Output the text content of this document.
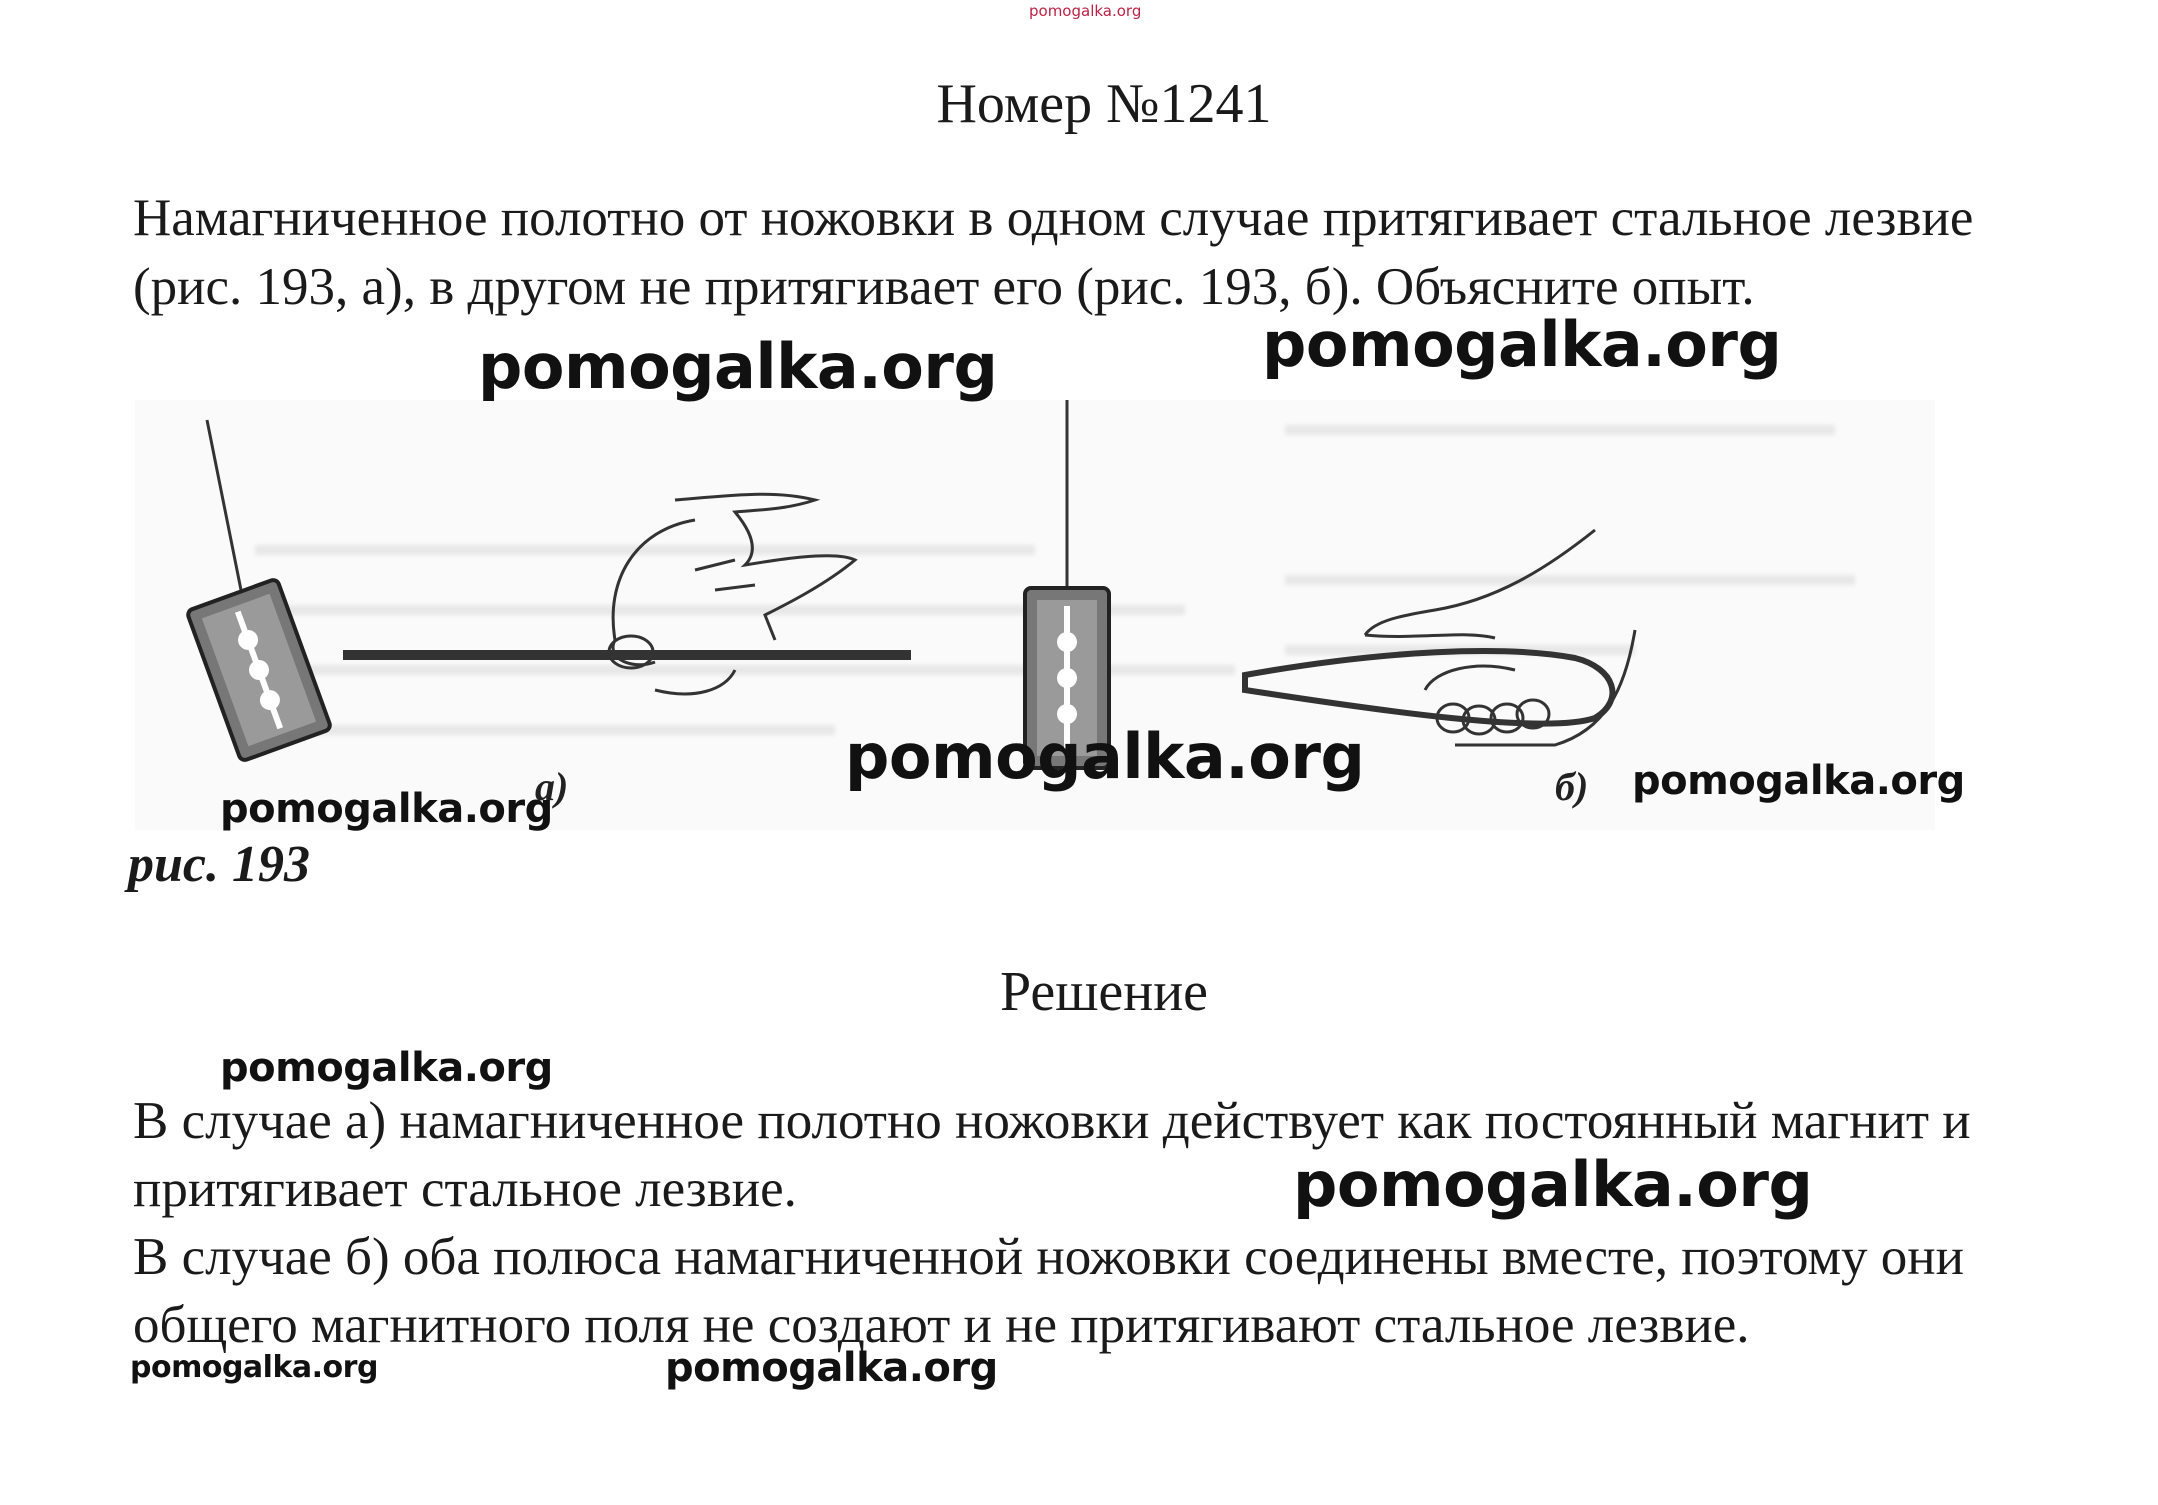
pomogalka.org
Номер №1241
Намагниченное полотно от ножовки в одном случае притягивает стальное лезвие (рис. 193, а), в другом не притягивает его (рис. 193, б). Объясните опыт.
а)	б)
рис. 193
Решение

В случае а) намагниченное полотно ножовки действует как постоянный магнит и притягивает стальное лезвие.

В случае б) оба полюса намагниченной ножовки соединены вместе, поэтому они общего магнитного поля не создают и не притягивают стальное лезвие.

pomogalka.org	pomogalka.org
pomogalka.org
pomogalka.org
pomogalka.org
pomogalka.org
pomogalka.org
pomogalka.org	pomogalka.org
